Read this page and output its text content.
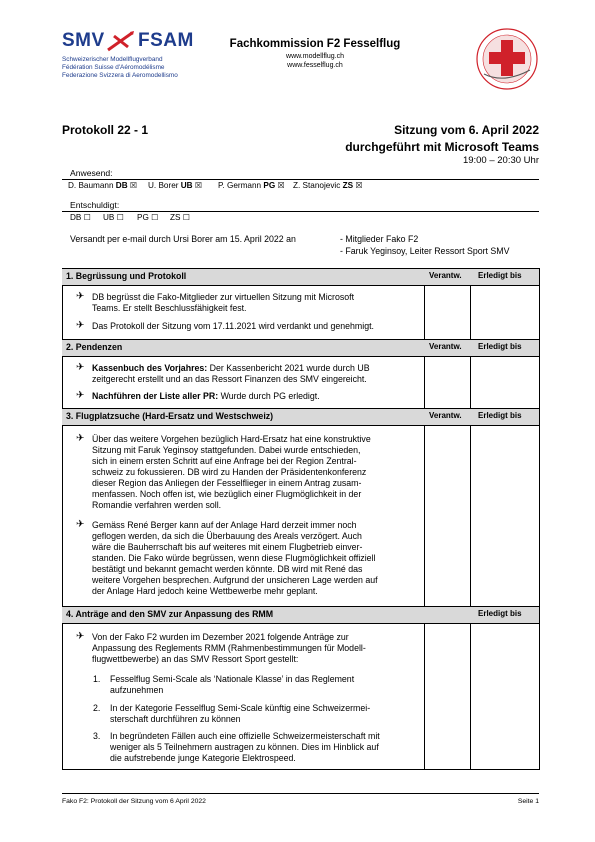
SMV FSAM
Schweizerischer Modellflugverband
Fédération Suisse d'Aéromodélisme
Federazione Svizzera di Aeromodellismo
Fachkommission F2 Fesselflug
www.modellflug.ch
www.fesselflug.ch
Protokoll 22 - 1	Sitzung vom 6. April 2022
durchgeführt mit Microsoft Teams
19:00 – 20:30 Uhr
Anwesend:
D. Baumann DB ☒ U. Borer UB ☒ P. Germann PG ☒ Z. Stanojevic ZS ☒
Entschuldigt:
DB ☐ UB ☐ PG ☐ ZS ☐
Versandt per e-mail durch Ursi Borer am 15. April 2022 an	- Mitglieder Fako F2
- Faruk Yeginsoy, Leiter Ressort Sport SMV
1. Begrüssung und Protokoll	Verantw. Erledigt bis
✈ DB begrüsst die Fako-Mitglieder zur virtuellen Sitzung mit Microsoft
Teams. Er stellt Beschlussfähigkeit fest.
✈ Das Protokoll der Sitzung vom 17.11.2021 wird verdankt und genehmigt.
2. Pendenzen	Verantw. Erledigt bis
✈ Kassenbuch des Vorjahres: Der Kassenbericht 2021 wurde durch UB
zeitgerecht erstellt und an das Ressort Finanzen des SMV eingereicht.
✈ Nachführen der Liste aller PR: Wurde durch PG erledigt.
3. Flugplatzsuche (Hard-Ersatz und Westschweiz)	Verantw. Erledigt bis
✈ Über das weitere Vorgehen bezüglich Hard-Ersatz hat eine konstruktive
Sitzung mit Faruk Yeginsoy stattgefunden. Dabei wurde entschieden,
sich in einem ersten Schritt auf eine Anfrage bei der Region Zentral-
schweiz zu fokussieren. DB wird zu Handen der Präsidentenkonferenz
dieser Region das Anliegen der Fesselflieger in einem Antrag zusam-
menfassen. Noch offen ist, wie bezüglich einer Flugmöglichkeit in der
Romandie verfahren werden soll.
✈ Gemäss René Berger kann auf der Anlage Hard derzeit immer noch
geflogen werden, da sich die Überbauung des Areals verzögert. Auch
wäre die Bauherrschaft bis auf weiteres mit einem Flugbetrieb einver-
standen. Die Fako würde begrüssen, wenn diese Flugmöglichkeit offiziell
bestätigt und bekannt gemacht werden könnte. DB wird mit René das
weitere Vorgehen besprechen. Aufgrund der unsicheren Lage werden auf
der Anlage Hard jedoch keine Wettbewerbe mehr geplant.
4. Anträge and den SMV zur Anpassung des RMM	Erledigt bis
✈ Von der Fako F2 wurden im Dezember 2021 folgende Anträge zur
Anpassung des Reglements RMM (Rahmenbestimmungen für Modell-
flugwettbewerbe) an das SMV Ressort Sport gestellt:
1. Fesselflug Semi-Scale als ‘Nationale Klasse’ in das Reglement
aufzunehmen
2. In der Kategorie Fesselflug Semi-Scale künftig eine Schweizermei-
sterschaft durchführen zu können
3. In begründeten Fällen auch eine offizielle Schweizermeisterschaft mit
weniger als 5 Teilnehmern austragen zu können. Dies im Hinblick auf
die aufstrebende junge Kategorie Elektrospeed.
Fako F2: Protokoll der Sitzung vom 6 April 2022	Seite 1
